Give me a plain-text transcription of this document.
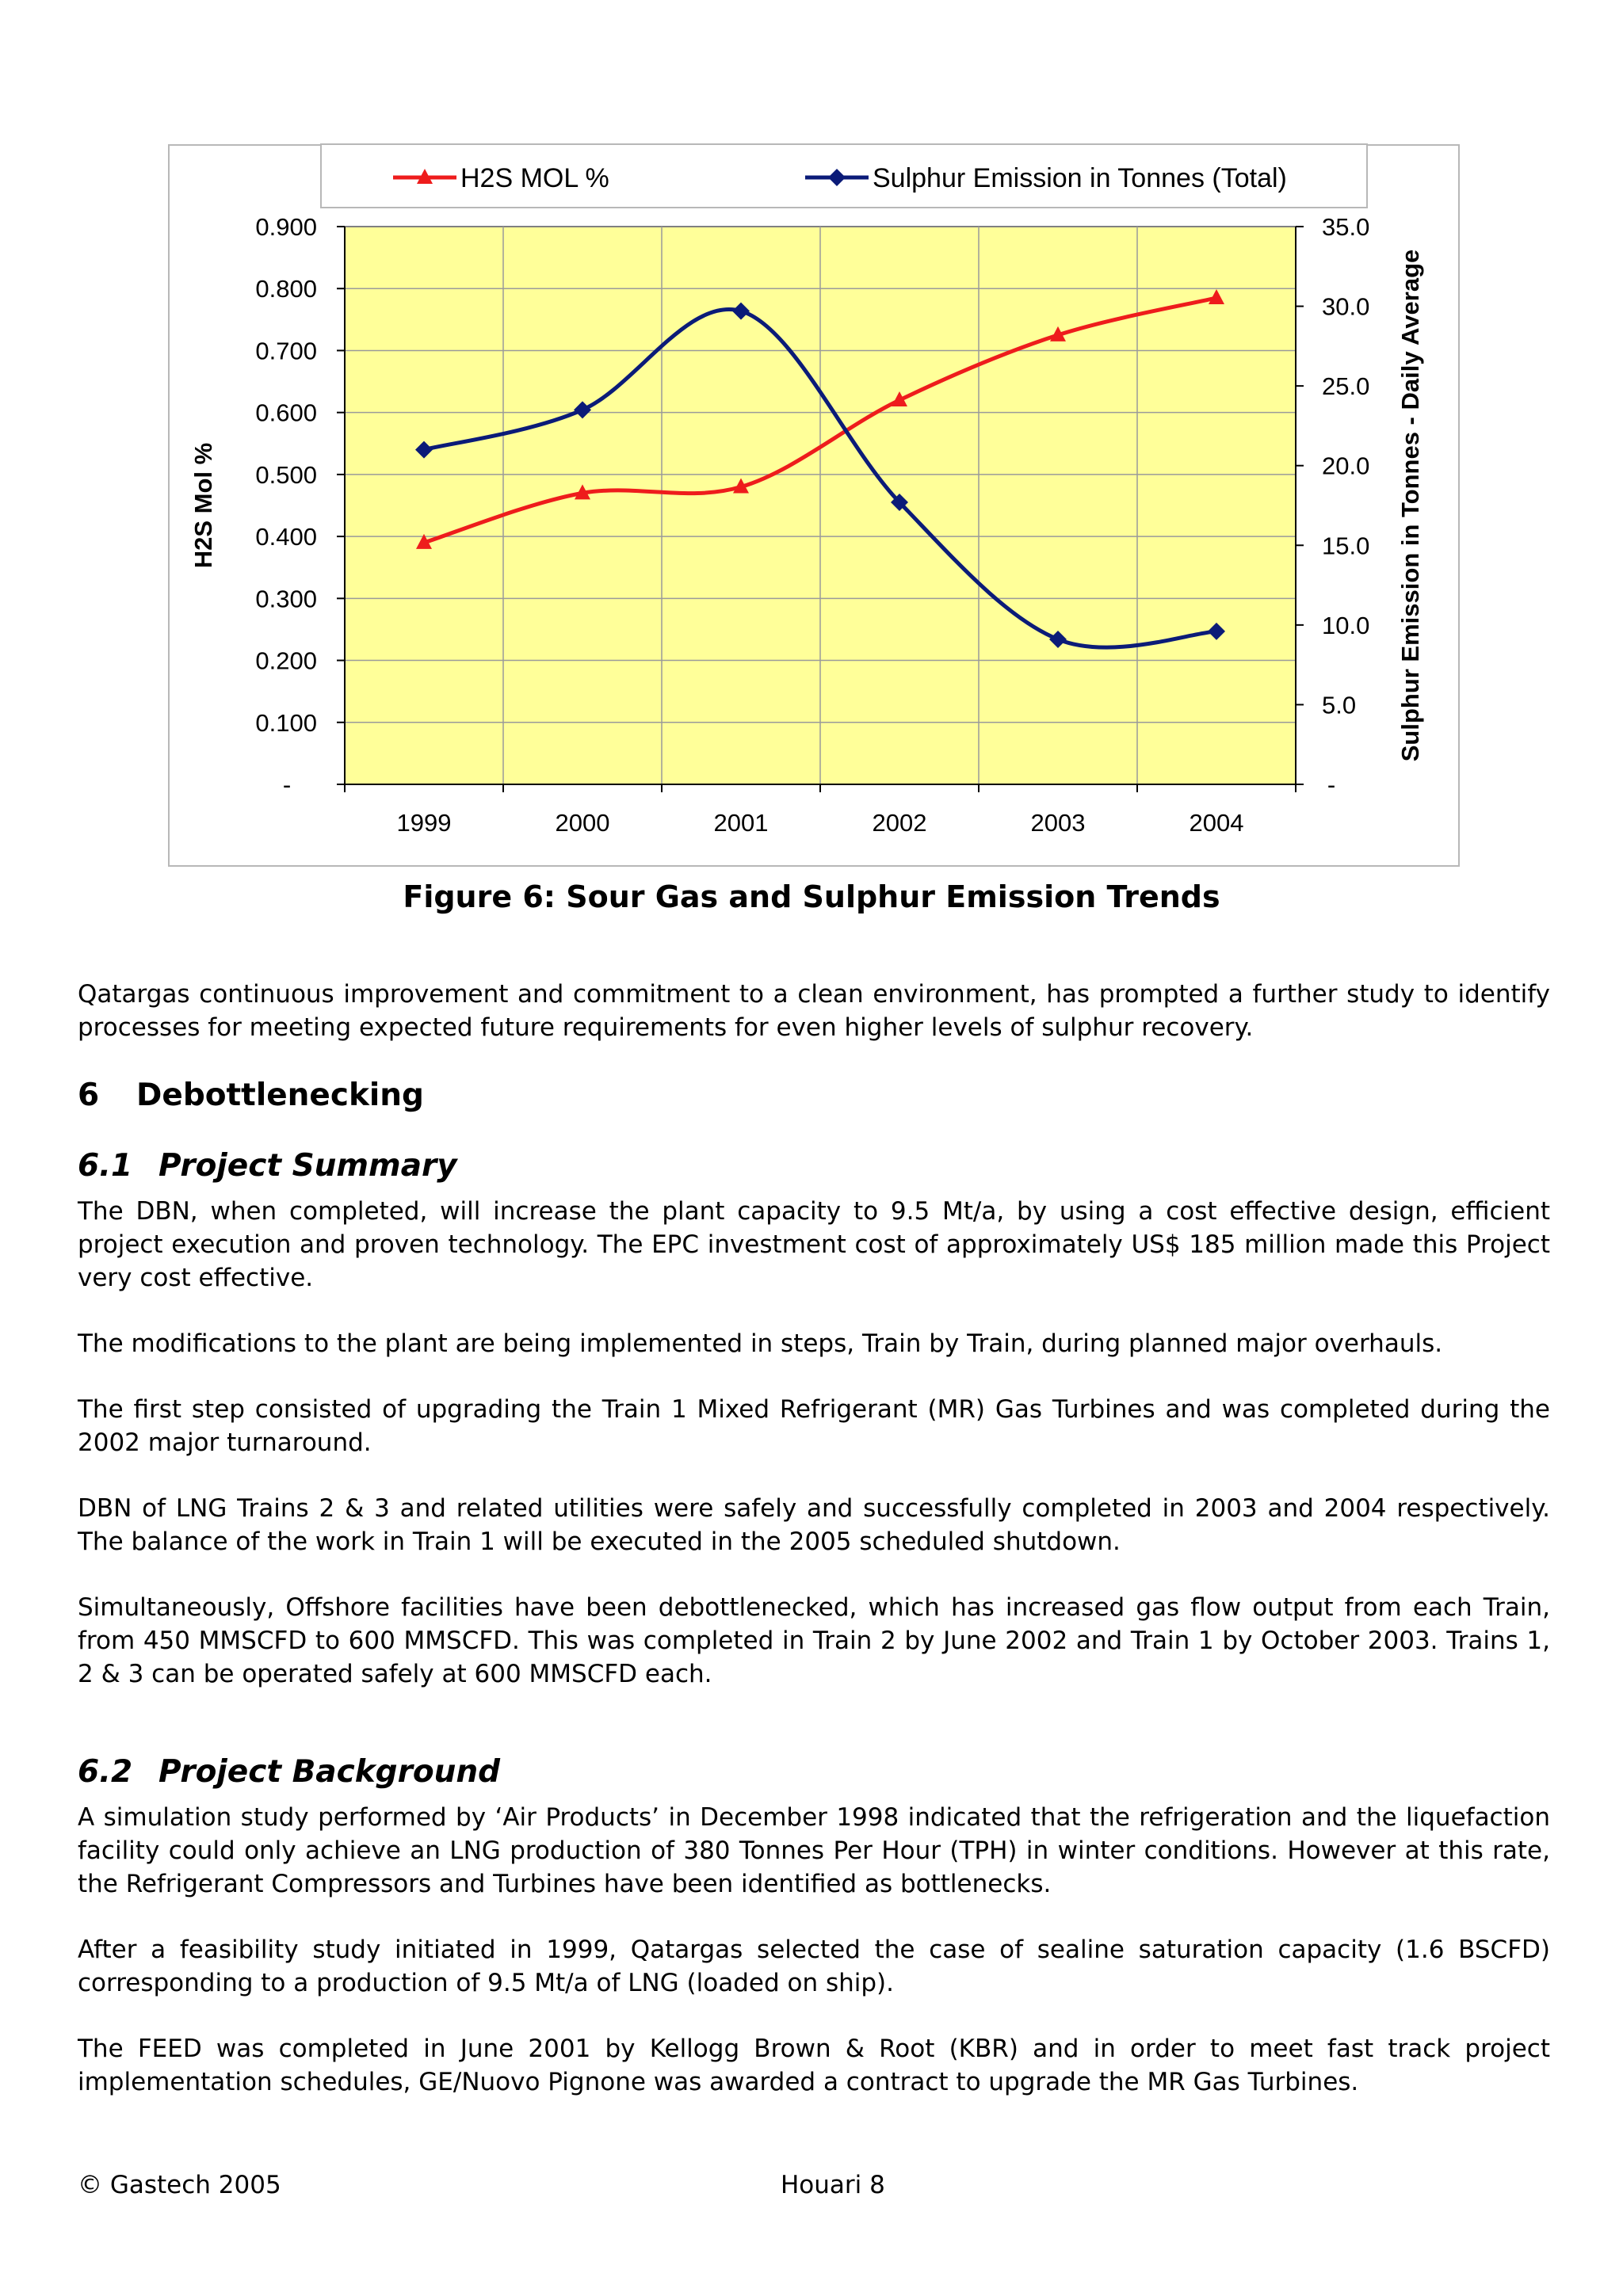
-
0.100
0.200
0.300
0.400
0.500
0.600
0.700
0.800
0.900
-
5.0
10.0
15.0
20.0
25.0
30.0
35.0
1999	2000	2001	2002	2003	2004
H2S Mol %	Sulphur Emission in Tonnes - Daily Average
H2S MOL %	Sulphur Emission in Tonnes (Total)
Figure 6: Sour Gas and Sulphur Emission Trends

Qatargas continuous improvement and commitment to a clean environment, has prompted a further study to identify processes for meeting expected future requirements for even higher levels of sulphur recovery.

6 Debottlenecking
6.1 Project Summary

The DBN, when completed, will increase the plant capacity to 9.5 Mt/a, by using a cost effective design, efficient project execution and proven technology. The EPC investment cost of approximately US$ 185 million made this Project very cost effective.

The modifications to the plant are being implemented in steps, Train by Train, during planned major overhauls.

The first step consisted of upgrading the Train 1 Mixed Refrigerant (MR) Gas Turbines and was completed during the 2002 major turnaround.

DBN of LNG Trains 2 & 3 and related utilities were safely and successfully completed in 2003 and 2004 respectively. The balance of the work in Train 1 will be executed in the 2005 scheduled shutdown.

Simultaneously, Offshore facilities have been debottlenecked, which has increased gas flow output from each Train, from 450 MMSCFD to 600 MMSCFD. This was completed in Train 2 by June 2002 and Train 1 by October 2003. Trains 1, 2 & 3 can be operated safely at 600 MMSCFD each.

6.2 Project Background

A simulation study performed by ‘Air Products’ in December 1998 indicated that the refrigeration and the liquefaction facility could only achieve an LNG production of 380 Tonnes Per Hour (TPH) in winter conditions. However at this rate, the Refrigerant Compressors and Turbines have been identified as bottlenecks.

After a feasibility study initiated in 1999, Qatargas selected the case of sealine saturation capacity (1.6 BSCFD) corresponding to a production of 9.5 Mt/a of LNG (loaded on ship).

The FEED was completed in June 2001 by Kellogg Brown & Root (KBR) and in order to meet fast track project implementation schedules, GE/Nuovo Pignone was awarded a contract to upgrade the MR Gas Turbines.

© Gastech 2005	Houari 8
